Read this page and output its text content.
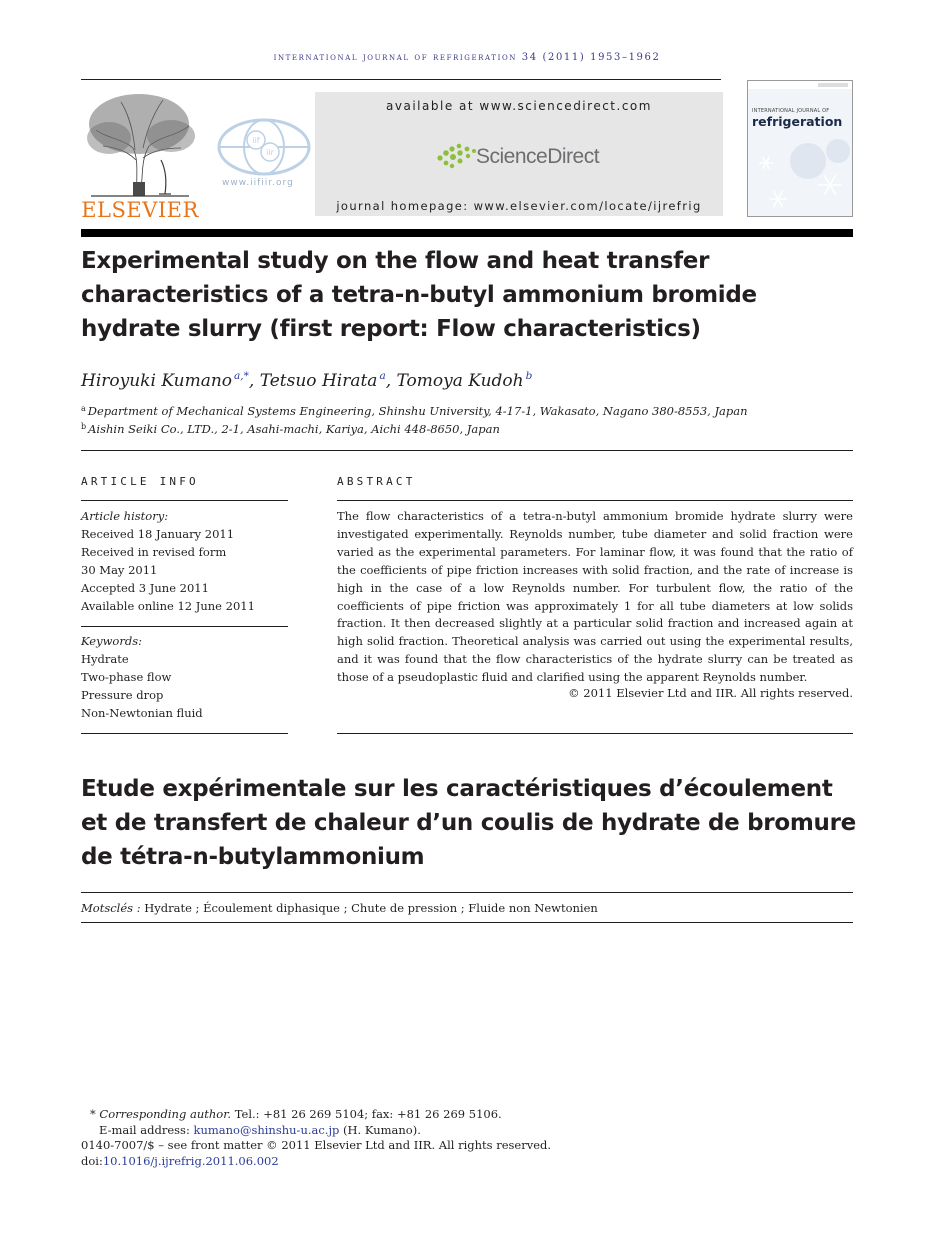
international journal of refrigeration 34 (2011) 1953–1962
ELSEVIER
iif
iir
www.iifiir.org
available at www.sciencedirect.com
ScienceDirect
journal homepage: www.elsevier.com/locate/ijrefrig
INTERNATIONAL JOURNAL OF
refrigeration
Experimental study on the flow and heat transfer
characteristics of a tetra-n-butyl ammonium bromide
hydrate slurry (first report: Flow characteristics)
Hiroyuki Kumano $^{a,*}$, Tetsuo Hirata $^a$, Tomoya Kudoh $^b$
$^a$ Department of Mechanical Systems Engineering, Shinshu University, 4-17-1, Wakasato, Nagano 380-8553, Japan
$^b$ Aishin Seiki Co., LTD., 2-1, Asahi-machi, Kariya, Aichi 448-8650, Japan
ARTICLE INFO
Article history:
Received 18 January 2011
Received in revised form
30 May 2011
Accepted 3 June 2011
Available online 12 June 2011
Keywords:
Hydrate
Two-phase flow
Pressure drop
Non-Newtonian fluid
ABSTRACT
The flow characteristics of a tetra-n-butyl ammonium bromide hydrate slurry were investigated experimentally. Reynolds number, tube diameter and solid fraction were varied as the experimental parameters. For laminar flow, it was found that the ratio of the coefficients of pipe friction increases with solid fraction, and the rate of increase is high in the case of a low Reynolds number. For turbulent flow, the ratio of the coefficients of pipe friction was approximately 1 for all tube diameters at low solids fraction. It then decreased slightly at a particular solid fraction and increased again at high solid fraction. Theoretical analysis was carried out using the experimental results, and it was found that the flow characteristics of the hydrate slurry can be treated as those of a pseudoplastic fluid and clarified using the apparent Reynolds number.
© 2011 Elsevier Ltd and IIR. All rights reserved.
Etude expérimentale sur les caractéristiques d’écoulement
et de transfert de chaleur d’un coulis de hydrate de bromure
de tétra-n-butylammonium
Motsclés : Hydrate ; Écoulement diphasique ; Chute de pression ; Fluide non Newtonien
* Corresponding author. Tel.: +81 26 269 5104; fax: +81 26 269 5106.
E-mail address: kumano@shinshu-u.ac.jp (H. Kumano).
0140-7007/$ – see front matter © 2011 Elsevier Ltd and IIR. All rights reserved.
doi:10.1016/j.ijrefrig.2011.06.002
